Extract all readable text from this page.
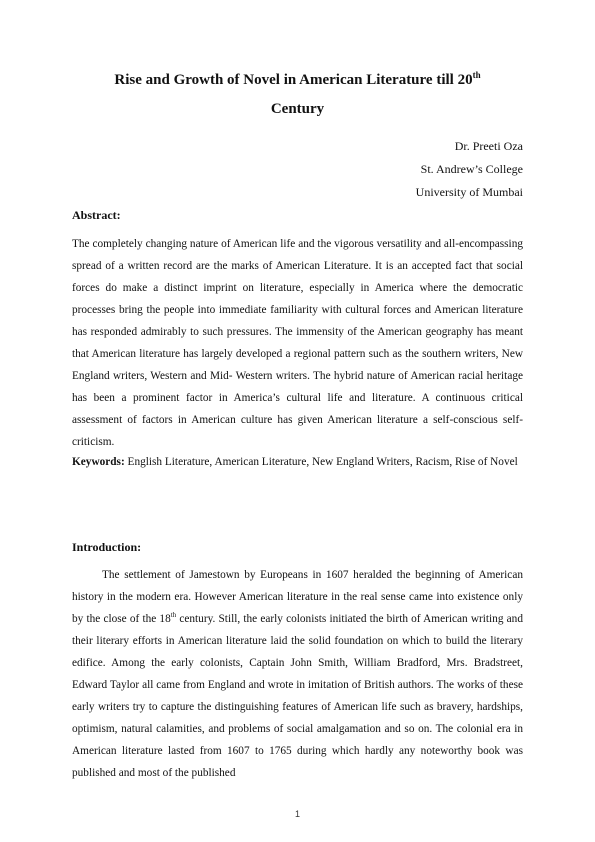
Rise and Growth of Novel in American Literature till 20th
Century
Dr. Preeti Oza
St. Andrew’s College
University of Mumbai
Abstract:

The completely changing nature of American life and the vigorous versatility and all-encompassing spread of a written record are the marks of American Literature. It is an accepted fact that social forces do make a distinct imprint on literature, especially in America where the democratic processes bring the people into immediate familiarity with cultural forces and American literature has responded admirably to such pressures. The immensity of the American geography has meant that American literature has largely developed a regional pattern such as the southern writers, New England writers, Western and Mid- Western writers. The hybrid nature of American racial heritage has been a prominent factor in America’s cultural life and literature. A continuous critical assessment of factors in American culture has given American literature a self-conscious self-criticism.

Keywords: English Literature, American Literature, New England Writers, Racism, Rise of Novel

Introduction:

The settlement of Jamestown by Europeans in 1607 heralded the beginning of American history in the modern era. However American literature in the real sense came into existence only by the close of the 18th century. Still, the early colonists initiated the birth of American writing and their literary efforts in American literature laid the solid foundation on which to build the literary edifice. Among the early colonists, Captain John Smith, William Bradford, Mrs. Bradstreet, Edward Taylor all came from England and wrote in imitation of British authors. The works of these early writers try to capture the distinguishing features of American life such as bravery, hardships, optimism, natural calamities, and problems of social amalgamation and so on. The colonial era in American literature lasted from 1607 to 1765 during which hardly any noteworthy book was published and most of the published

1
